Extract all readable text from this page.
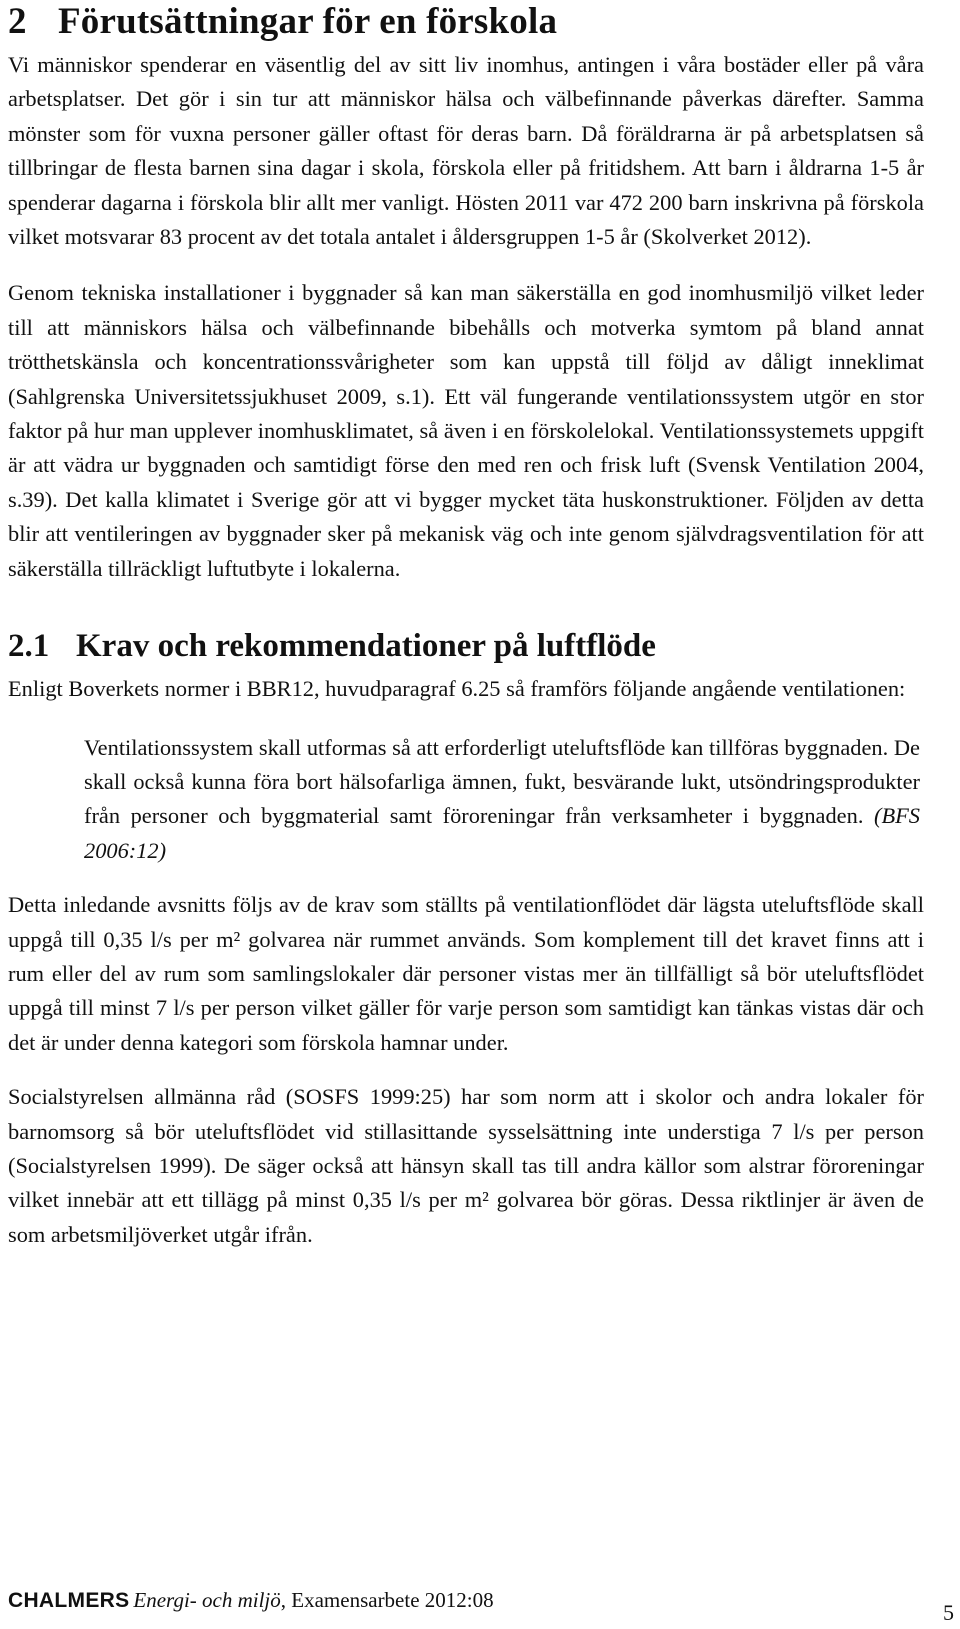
2 Förutsättningar för en förskola

Vi människor spenderar en väsentlig del av sitt liv inomhus, antingen i våra bostäder eller på våra arbetsplatser. Det gör i sin tur att människor hälsa och välbefinnande påverkas därefter. Samma mönster som för vuxna personer gäller oftast för deras barn. Då föräldrarna är på arbetsplatsen så tillbringar de flesta barnen sina dagar i skola, förskola eller på fritidshem. Att barn i åldrarna 1-5 år spenderar dagarna i förskola blir allt mer vanligt. Hösten 2011 var 472 200 barn inskrivna på förskola vilket motsvarar 83 procent av det totala antalet i åldersgruppen 1-5 år (Skolverket 2012).

Genom tekniska installationer i byggnader så kan man säkerställa en god inomhusmiljö vilket leder till att människors hälsa och välbefinnande bibehålls och motverka symtom på bland annat trötthetskänsla och koncentrationssvårigheter som kan uppstå till följd av dåligt inneklimat (Sahlgrenska Universitetssjukhuset 2009, s.1). Ett väl fungerande ventilationssystem utgör en stor faktor på hur man upplever inomhusklimatet, så även i en förskolelokal. Ventilationssystemets uppgift är att vädra ur byggnaden och samtidigt förse den med ren och frisk luft (Svensk Ventilation 2004, s.39). Det kalla klimatet i Sverige gör att vi bygger mycket täta huskonstruktioner. Följden av detta blir att ventileringen av byggnader sker på mekanisk väg och inte genom självdragsventilation för att säkerställa tillräckligt luftutbyte i lokalerna.

2.1 Krav och rekommendationer på luftflöde

Enligt Boverkets normer i BBR12, huvudparagraf 6.25 så framförs följande angående ventilationen:

Ventilationssystem skall utformas så att erforderligt uteluftsflöde kan tillföras byggnaden. De skall också kunna föra bort hälsofarliga ämnen, fukt, besvärande lukt, utsöndringsprodukter från personer och byggmaterial samt föroreningar från verksamheter i byggnaden. (BFS 2006:12)

Detta inledande avsnitts följs av de krav som ställts på ventilationflödet där lägsta uteluftsflöde skall uppgå till 0,35 l/s per m² golvarea när rummet används. Som komplement till det kravet finns att i rum eller del av rum som samlingslokaler där personer vistas mer än tillfälligt så bör uteluftsflödet uppgå till minst 7 l/s per person vilket gäller för varje person som samtidigt kan tänkas vistas där och det är under denna kategori som förskola hamnar under.

Socialstyrelsen allmänna råd (SOSFS 1999:25) har som norm att i skolor och andra lokaler för barnomsorg så bör uteluftsflödet vid stillasittande sysselsättning inte understiga 7 l/s per person (Socialstyrelsen 1999). De säger också att hänsyn skall tas till andra källor som alstrar föroreningar vilket innebär att ett tillägg på minst 0,35 l/s per m² golvarea bör göras. Dessa riktlinjer är även de som arbetsmiljöverket utgår ifrån.

CHALMERS Energi- och miljö, Examensarbete 2012:08	5
